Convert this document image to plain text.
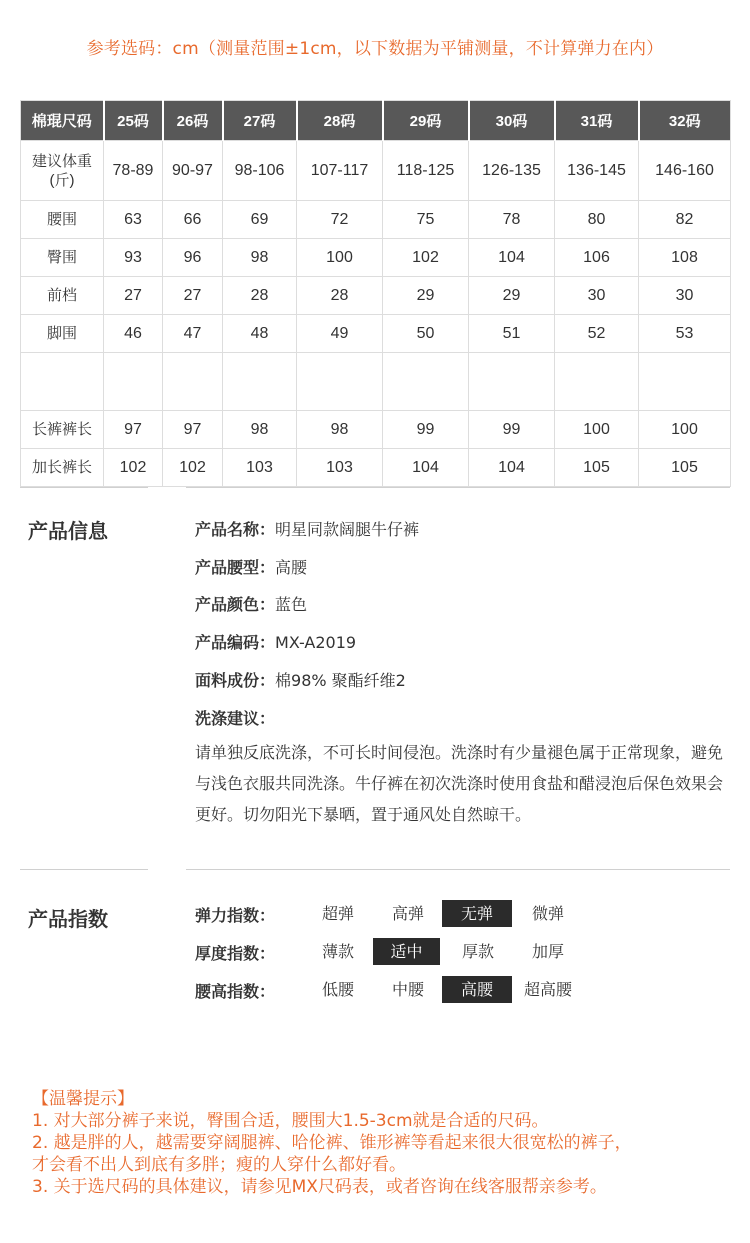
参考选码：cm（测量范围±1cm，以下数据为平铺测量，不计算弹力在内）
棉琨尺码	25码	26码	27码	28码	29码	30码	31码	32码

建议体重
(斤)	78-89	90-97	98-106	107-117	118-125	126-135	136-145	146-160
腰围	63	66	69	72	75	78	80	82
臀围	93	96	98	100	102	104	106	108
前档	27	27	28	28	29	29	30	30
脚围	46	47	48	49	50	51	52	53

长裤裤长	97	97	98	98	99	99	100	100
加长裤长	102	102	103	103	104	104	105	105
产品信息	产品名称：明星同款阔腿牛仔裤
产品腰型：高腰
产品颜色：蓝色
产品编码：MX-A2019
面料成份：棉98% 聚酯纤维2
洗涤建议：
请单独反底洗涤，不可长时间侵泡。洗涤时有少量褪色属于正常现象，避免与浅色衣服共同洗涤。牛仔裤在初次洗涤时使用食盐和醋浸泡后保色效果会更好。切勿阳光下暴晒，置于通风处自然晾干。
产品指数	弹力指数：	超弹	高弹	无弹	微弹
厚度指数：	薄款	适中	厚款	加厚
腰高指数：	低腰	中腰	高腰	超高腰
【温馨提示】
1. 对大部分裤子来说，臀围合适，腰围大1.5-3cm就是合适的尺码。
2. 越是胖的人，越需要穿阔腿裤、哈伦裤、锥形裤等看起来很大很宽松的裤子，
才会看不出人到底有多胖；瘦的人穿什么都好看。
3. 关于选尺码的具体建议，请参见MX尺码表，或者咨询在线客服帮亲参考。
